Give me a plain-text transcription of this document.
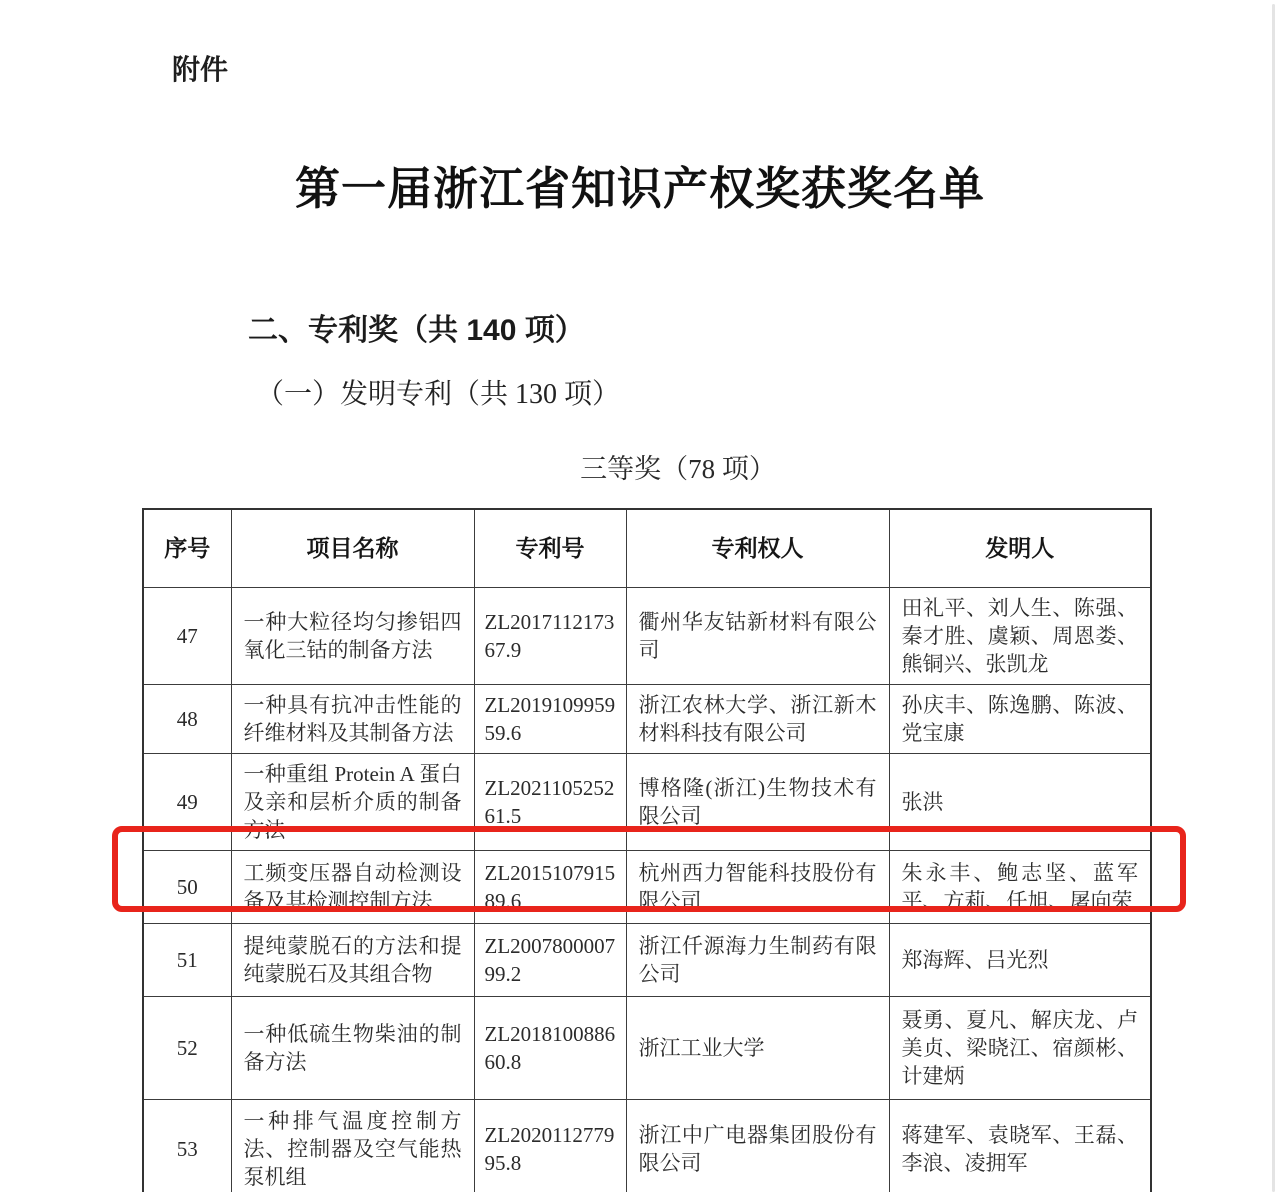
附件
第一届浙江省知识产权奖获奖名单
二、专利奖（共 140 项）
（一）发明专利（共 130 项）
三等奖（78 项）
序号	项目名称	专利号	专利权人	发明人
47	一种大粒径均匀掺铝四氧化三钴的制备方法	ZL201711217367.9	衢州华友钴新材料有限公司	田礼平、刘人生、陈强、秦才胜、虞颖、周恩娄、熊铜兴、张凯龙
48	一种具有抗冲击性能的纤维材料及其制备方法	ZL201910995959.6	浙江农林大学、浙江新木材料科技有限公司	孙庆丰、陈逸鹏、陈波、党宝康
49	一种重组 Protein A 蛋白及亲和层析介质的制备方法	ZL202110525261.5	博格隆(浙江)生物技术有限公司	张洪
50	工频变压器自动检测设备及其检测控制方法	ZL201510791589.6	杭州西力智能科技股份有限公司	朱永丰、鲍志坚、蓝军平、方莉、任旭、屠向荣
51	提纯蒙脱石的方法和提纯蒙脱石及其组合物	ZL200780000799.2	浙江仟源海力生制药有限公司	郑海辉、吕光烈
52	一种低硫生物柴油的制备方法	ZL201810088660.8	浙江工业大学	聂勇、夏凡、解庆龙、卢美贞、梁晓江、宿颜彬、计建炳
53	一种排气温度控制方法、控制器及空气能热泵机组	ZL202011277995.8	浙江中广电器集团股份有限公司	蒋建军、袁晓军、王磊、李浪、凌拥军
